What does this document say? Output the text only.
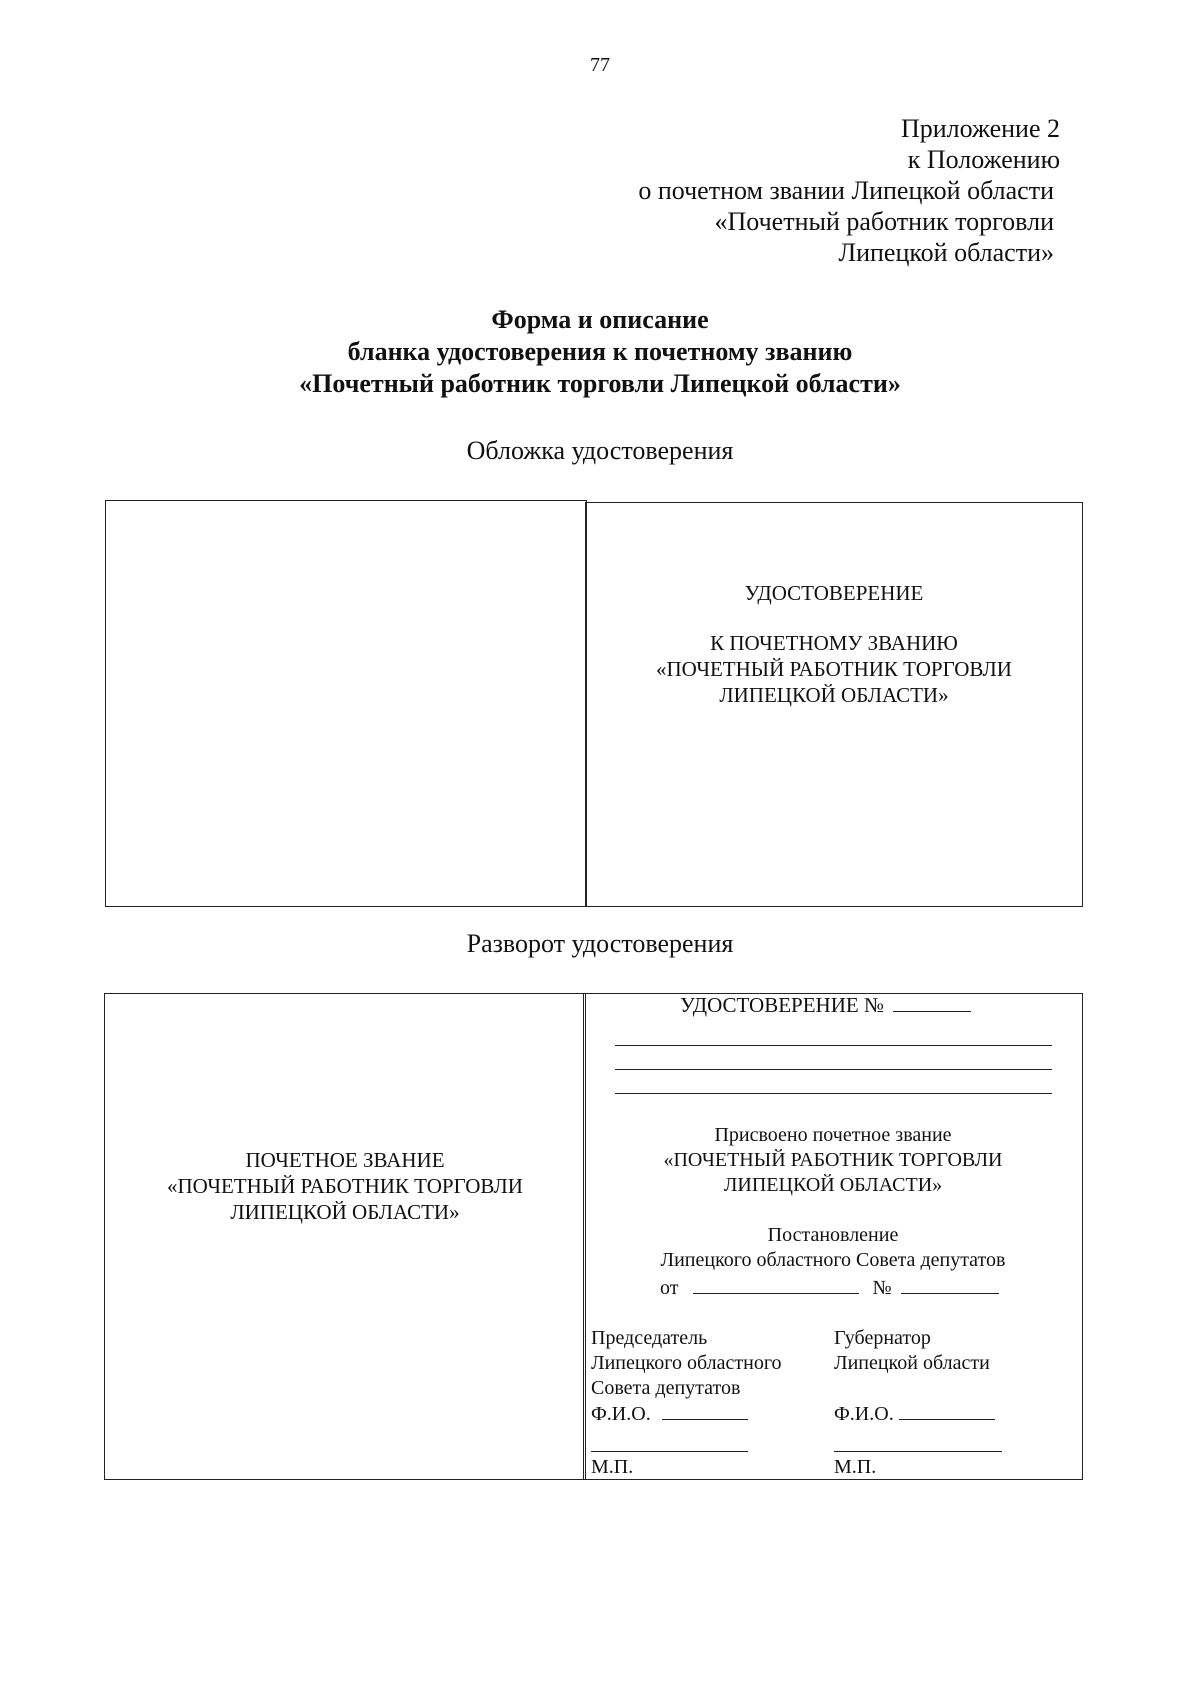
77
Приложение 2
к Положению
о почетном звании Липецкой области
«Почетный работник торговли
Липецкой области»
Форма и описание
бланка удостоверения к почетному званию
«Почетный работник торговли Липецкой области»
Обложка удостоверения
УДОСТОВЕРЕНИЕ
К ПОЧЕТНОМУ ЗВАНИЮ
«ПОЧЕТНЫЙ РАБОТНИК ТОРГОВЛИ
ЛИПЕЦКОЙ ОБЛАСТИ»
Разворот удостоверения
ПОЧЕТНОЕ ЗВАНИЕ
«ПОЧЕТНЫЙ РАБОТНИК ТОРГОВЛИ
ЛИПЕЦКОЙ ОБЛАСТИ»
УДОСТОВЕРЕНИЕ №
Присвоено почетное звание
«ПОЧЕТНЫЙ РАБОТНИК ТОРГОВЛИ
ЛИПЕЦКОЙ ОБЛАСТИ»
Постановление
Липецкого областного Совета депутатов
от	№
Председатель
Липецкого областного
Совета депутатов
Ф.И.О.
Губернатор
Липецкой области

Ф.И.О.
М.П.	М.П.
